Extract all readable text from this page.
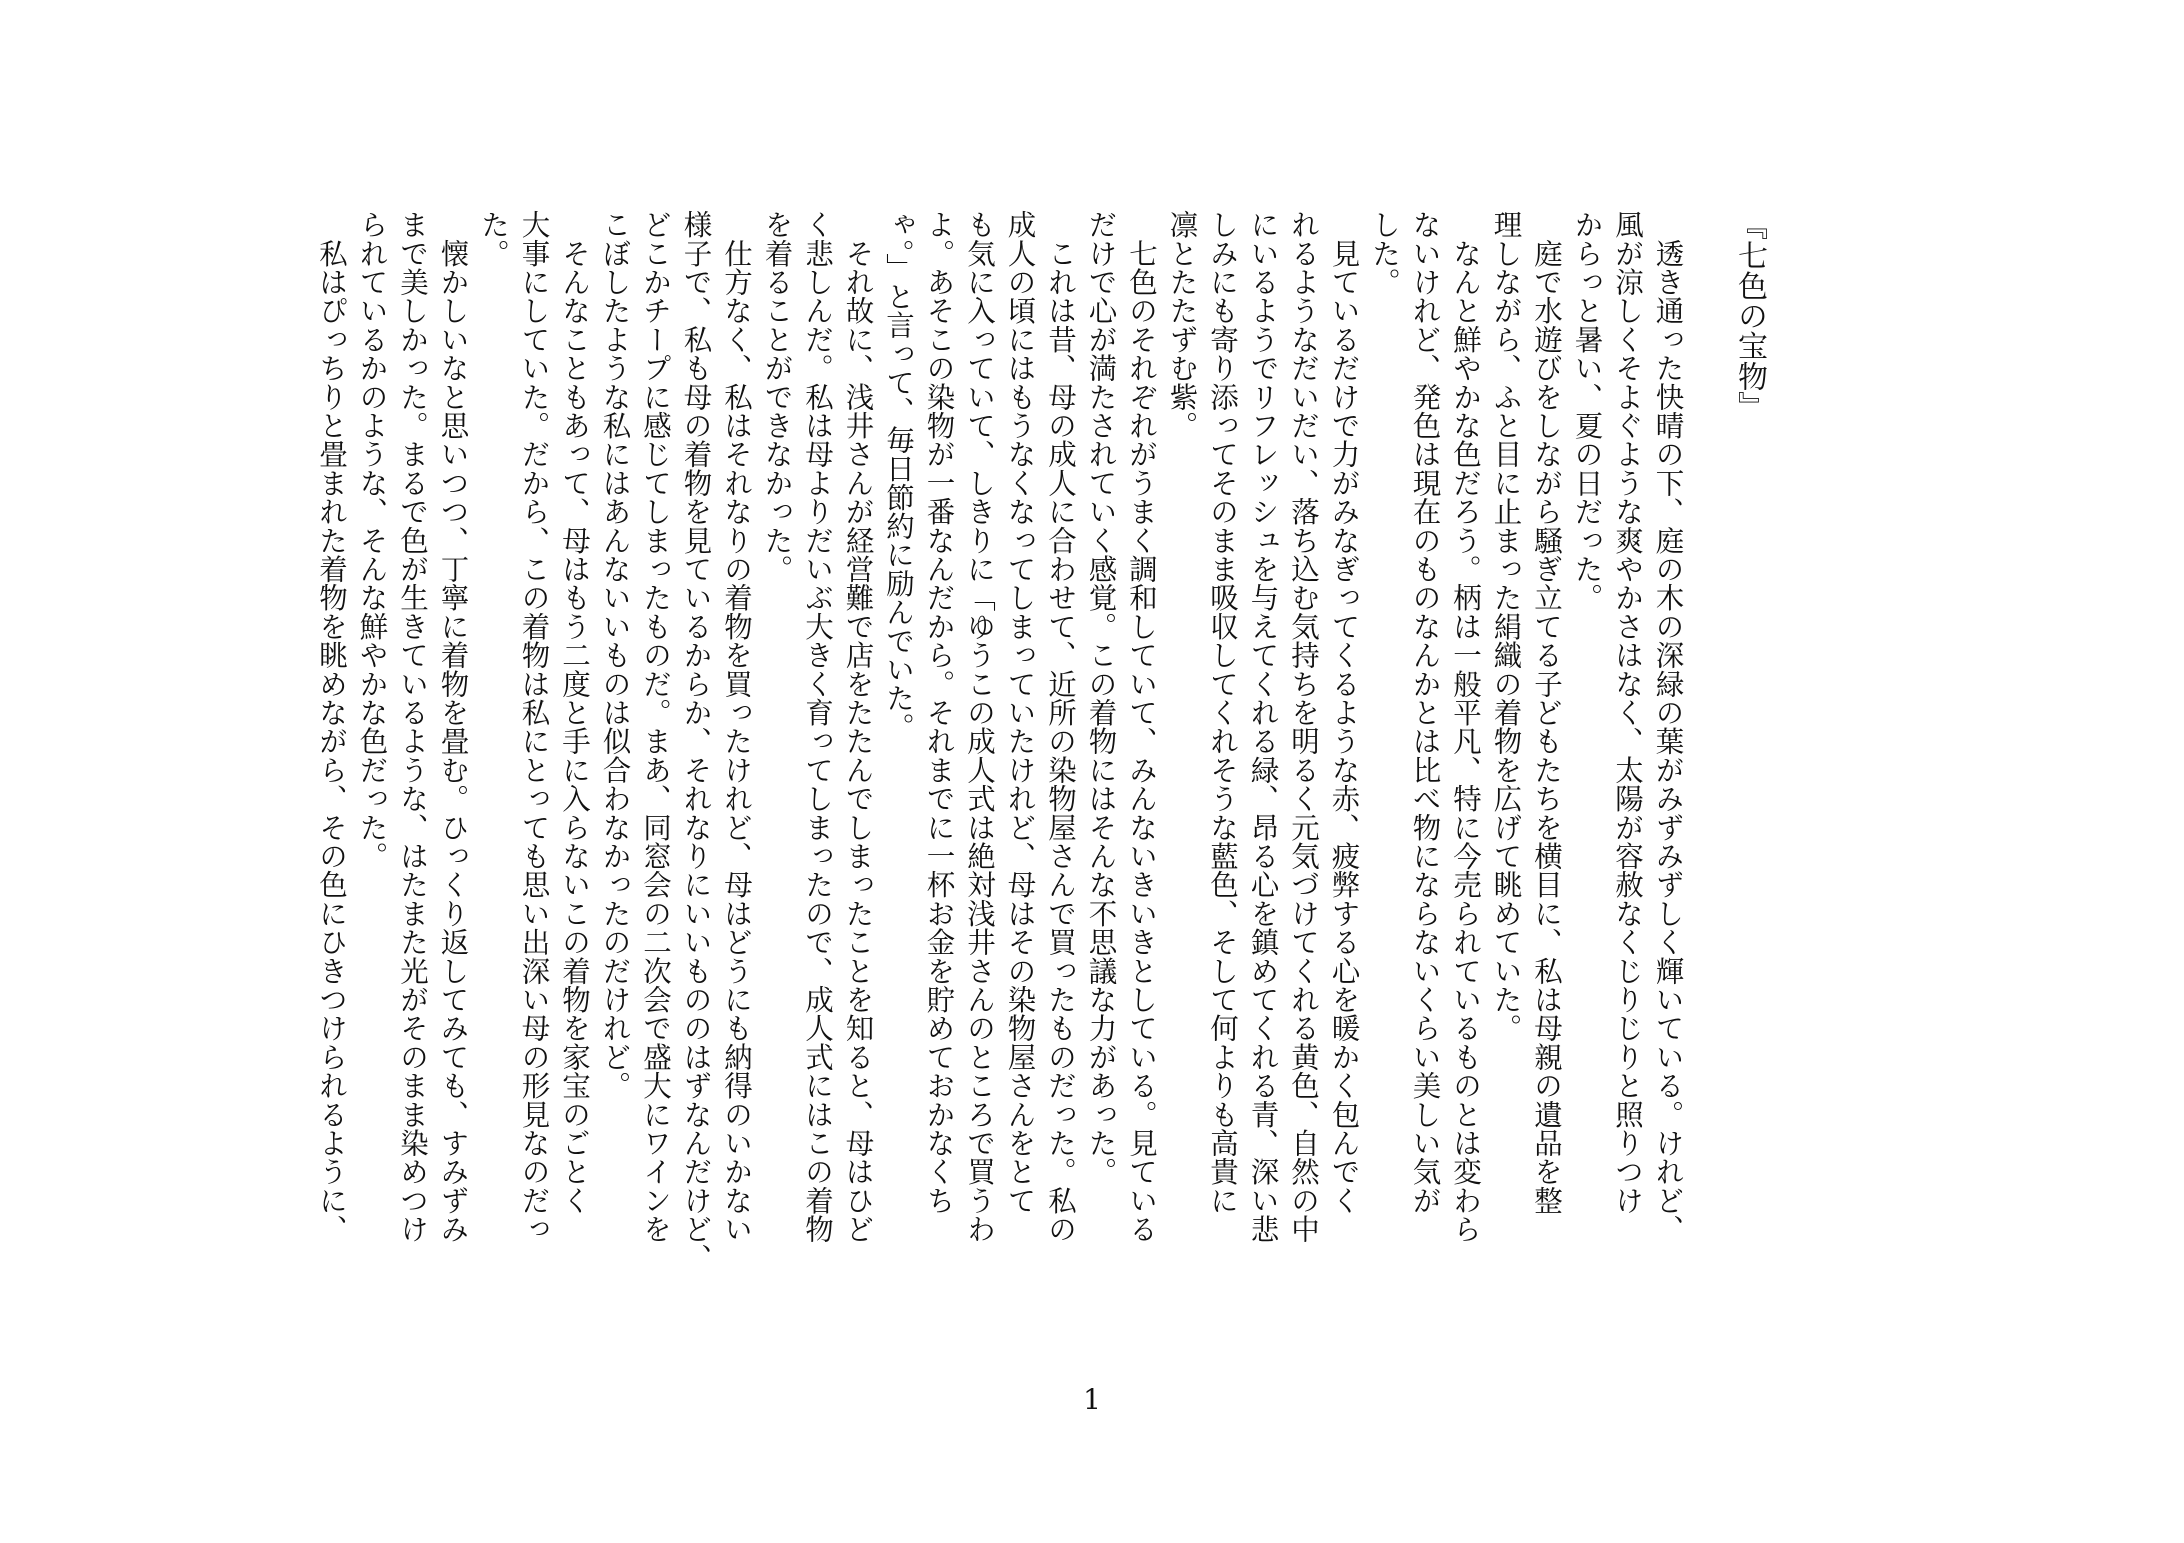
『七色の宝物』
　透き通った快晴の下、庭の木の深緑の葉がみずみずしく輝いている。けれど、
風が涼しくそよぐような爽やかさはなく、太陽が容赦なくじりじりと照りつけ
からっと暑い、夏の日だった。
　庭で水遊びをしながら騒ぎ立てる子どもたちを横目に、私は母親の遺品を整
理しながら、ふと目に止まった絹織の着物を広げて眺めていた。
　なんと鮮やかな色だろう。柄は一般平凡、特に今売られているものとは変わら
ないけれど、発色は現在のものなんかとは比べ物にならないくらい美しい気が
した。
　見ているだけで力がみなぎってくるような赤、疲弊する心を暖かく包んでく
れるようなだいだい、落ち込む気持ちを明るく元気づけてくれる黄色、自然の中
にいるようでリフレッシュを与えてくれる緑、昂る心を鎮めてくれる青、深い悲
しみにも寄り添ってそのまま吸収してくれそうな藍色、そして何よりも高貴に
凛とたたずむ紫。
　七色のそれぞれがうまく調和していて、みんないきいきとしている。見ている
だけで心が満たされていく感覚。この着物にはそんな不思議な力があった。
　これは昔、母の成人に合わせて、近所の染物屋さんで買ったものだった。私の
成人の頃にはもうなくなってしまっていたけれど、母はその染物屋さんをとて
も気に入っていて、しきりに「ゆうこの成人式は絶対浅井さんのところで買うわ
よ。あそこの染物が一番なんだから。それまでに一杯お金を貯めておかなくち
ゃ。」と言って、毎日節約に励んでいた。
　それ故に、浅井さんが経営難で店をたたんでしまったことを知ると、母はひど
く悲しんだ。私は母よりだいぶ大きく育ってしまったので、成人式にはこの着物
を着ることができなかった。
　仕方なく、私はそれなりの着物を買ったけれど、母はどうにも納得のいかない
様子で、私も母の着物を見ているからか、それなりにいいもののはずなんだけど、
どこかチープに感じてしまったものだ。まあ、同窓会の二次会で盛大にワインを
こぼしたような私にはあんないいものは似合わなかったのだけれど。
　そんなこともあって、母はもう二度と手に入らないこの着物を家宝のごとく
大事にしていた。だから、この着物は私にとっても思い出深い母の形見なのだっ
た。
　懐かしいなと思いつつ、丁寧に着物を畳む。ひっくり返してみても、すみずみ
まで美しかった。まるで色が生きているような、はたまた光がそのまま染めつけ
られているかのような、そんな鮮やかな色だった。
　私はぴっちりと畳まれた着物を眺めながら、その色にひきつけられるように、
1
